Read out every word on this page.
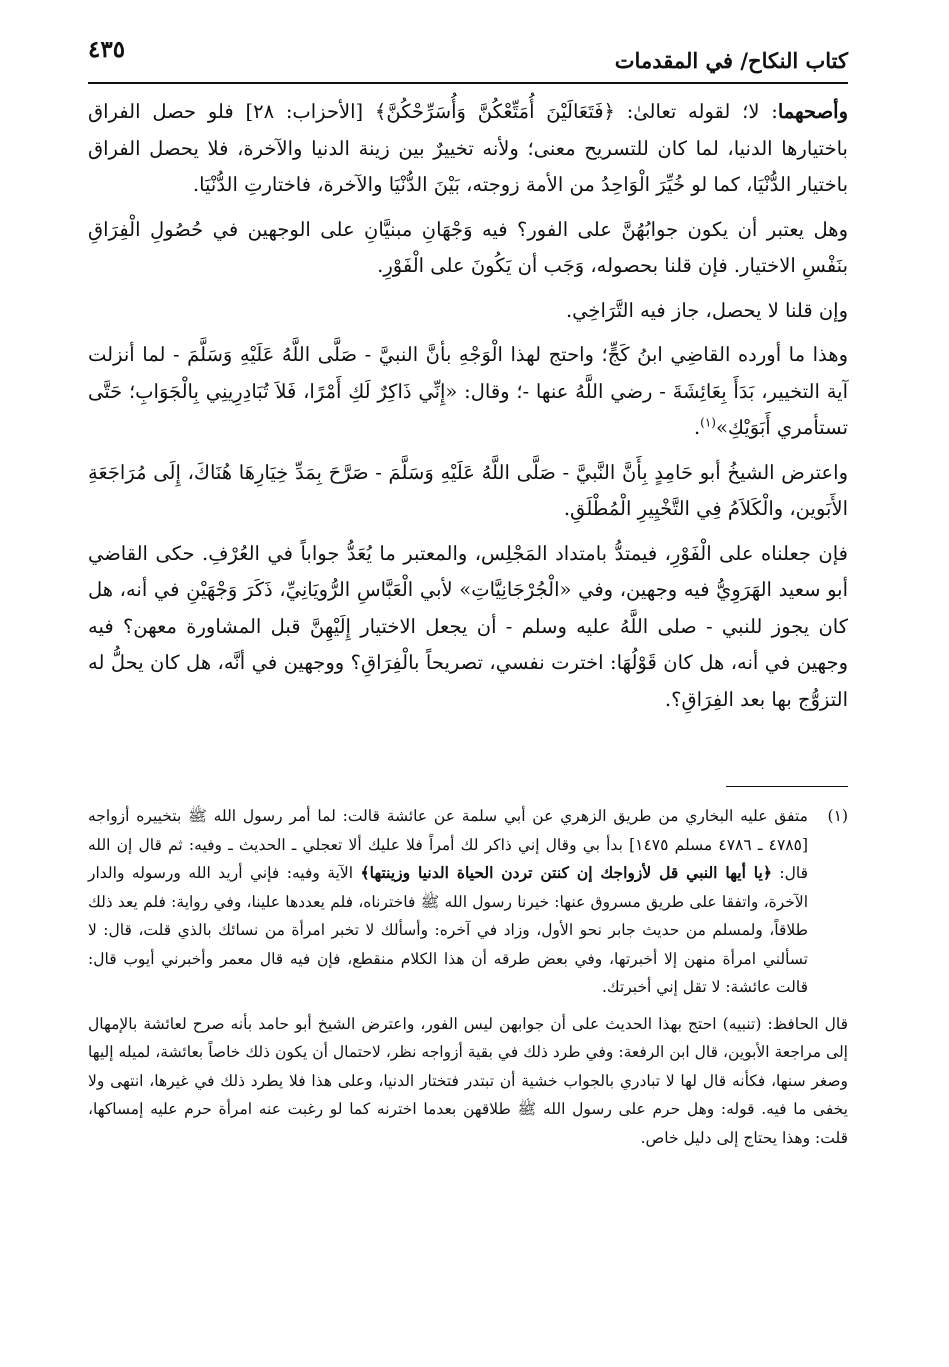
كتاب النكاح/ في المقدمات
٤٣٥

وأصحهما: لا؛ لقوله تعالىٰ: ﴿فَتَعَالَيْنَ أُمَتِّعْكُنَّ وَأُسَرِّحْكُنَّ﴾ [الأحزاب: ٢٨] فلو حصل الفراق باختيارها الدنيا، لما كان للتسريح معنى؛ ولأنه تخييرٌ بين زينة الدنيا والآخرة، فلا يحصل الفراق باختيار الدُّنْيَا، كما لو خُيِّرَ الْوَاحِدُ من الأمة زوجته، بَيْنَ الدُّنْيَا والآخرة، فاختارتِ الدُّنْيَا.

وهل يعتبر أن يكون جوابُهُنَّ على الفور؟ فيه وَجْهَانِ مبنيَّانِ على الوجهين في حُصُولِ الْفِرَاقِ بنَفْسِ الاختيار. فإن قلنا بحصوله، وَجَب أن يَكُونَ على الْفَوْرِ.

وإن قلنا لا يحصل، جاز فيه التَّرَاخِي.

وهذا ما أورده القاضِي ابنُ كَجٍّ؛ واحتج لهذا الْوَجْهِ بأنَّ النبيَّ - صَلَّى اللَّهُ عَلَيْهِ وَسَلَّمَ - لما أنزلت آية التخيير، بَدَأَ بِعَائِشَةَ - رضي اللَّهُ عنها -؛ وقال: «إِنِّي ذَاكِرٌ لَكِ أَمْرًا، فَلاَ تُبَادِرِينِي بِالْجَوَابِ؛ حَتَّى تستأمري أَبَوَيْكِ»$^{(١)}$.

واعترض الشيخُ أبو حَامِدٍ بِأَنَّ النَّبيَّ - صَلَّى اللَّهُ عَلَيْهِ وَسَلَّمَ - صَرَّحَ بِمَدِّ خِيَارِهَا هُنَاكَ، إِلَى مُرَاجَعَةِ الأَبَوين، والْكَلاَمُ فِي التَّخْيِيرِ الْمُطْلَقِ.

فإن جعلناه على الْفَوْرِ، فيمتدُّ بامتداد المَجْلِس، والمعتبر ما يُعَدُّ جواباً في العُرْفِ. حكى القاضي أبو سعيد الهَرَوِيُّ فيه وجهين، وفي «الْجُرْجَانِيَّاتِ» لأبي الْعَبَّاسِ الرُّويَانِيِّ، ذَكَرَ وَجْهَيْنِ في أنه، هل كان يجوز للنبي - صلى اللَّهُ عليه وسلم - أن يجعل الاختيار إِلَيْهِنَّ قبل المشاورة معهن؟ فيه وجهين في أنه، هل كان قَوْلُهَا: اخترت نفسي، تصريحاً بالْفِرَاقِ؟ ووجهين في أنَّه، هل كان يحلُّ له التزوُّج بها بعد الفِرَاقِ؟.

(١)
متفق عليه البخاري من طريق الزهري عن أبي سلمة عن عائشة قالت: لما أمر رسول الله ﷺ بتخييره أزواجه [٤٧٨٥ ـ ٤٧٨٦ مسلم ١٤٧٥] بدأ بي وقال إني ذاكر لك أمراً فلا عليك ألا تعجلي ـ الحديث ـ وفيه: ثم قال إن الله قال: ﴿يا أيها النبي قل لأزواجك إن كنتن تردن الحياة الدنيا وزينتها﴾ الآية وفيه: فإني أريد الله ورسوله والدار الآخرة، واتفقا على طريق مسروق عنها: خيرنا رسول الله ﷺ فاخترناه، فلم يعددها علينا، وفي رواية: فلم يعد ذلك طلاقاً، ولمسلم من حديث جابر نحو الأول، وزاد في آخره: وأسألك لا تخبر امرأة من نسائك بالذي قلت، قال: لا تسألني امرأة منهن إلا أخبرتها، وفي بعض طرقه أن هذا الكلام منقطع، فإن فيه قال معمر وأخبرني أيوب قال: قالت عائشة: لا تقل إني أخبرتك.

قال الحافظ: (تنبيه) احتج بهذا الحديث على أن جوابهن ليس الفور، واعترض الشيخ أبو حامد بأنه صرح لعائشة بالإمهال إلى مراجعة الأبوين، قال ابن الرفعة: وفي طرد ذلك في بقية أزواجه نظر، لاحتمال أن يكون ذلك خاصاً بعائشة، لميله إليها وصغر سنها، فكأنه قال لها لا تبادري بالجواب خشية أن تبتدر فتختار الدنيا، وعلى هذا فلا يطرد ذلك في غيرها، انتهى ولا يخفى ما فيه. قوله: وهل حرم على رسول الله ﷺ طلاقهن بعدما اخترنه كما لو رغبت عنه امرأة حرم عليه إمساكها، قلت: وهذا يحتاج إلى دليل خاص.
